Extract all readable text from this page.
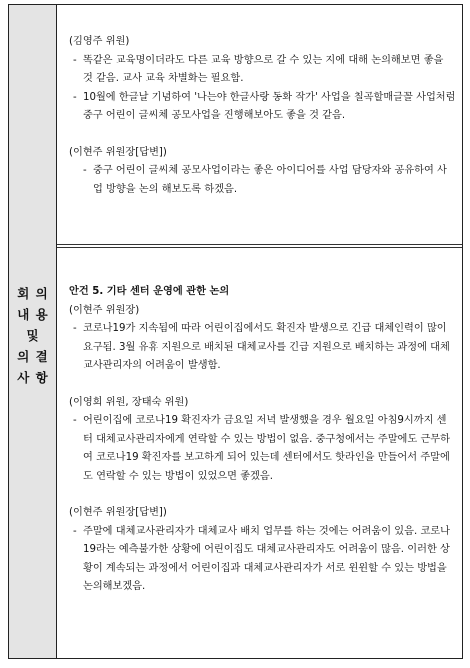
회 의
내 용
및
의 결
사 항

(김영주 위원)

- 똑같은 교육명이더라도 다른 교육 방향으로 갈 수 있는 지에 대해 논의해보면 좋을 것 같음. 교사 교육 차별화는 필요함.

- 10월에 한글날 기념하여 '나는야 한글사랑 동화 작가' 사업을 칠곡할매글꼴 사업처럼 중구 어린이 글씨체 공모사업을 진행해보아도 좋을 것 같음.

(이현주 위원장[답변])

- 중구 어린이 글씨체 공모사업이라는 좋은 아이디어를 사업 담당자와 공유하여 사업 방향을 논의 해보도록 하겠음.

안건 5. 기타 센터 운영에 관한 논의

(이현주 위원장)

- 코로나19가 지속됨에 따라 어린이집에서도 확진자 발생으로 긴급 대체인력이 많이 요구됨. 3월 유휴 지원으로 배치된 대체교사를 긴급 지원으로 배치하는 과정에 대체교사관리자의 어려움이 발생함.

(이영희 위원, 장태숙 위원)

- 어린이집에 코로나19 확진자가 금요일 저녁 발생했을 경우 월요일 아침9시까지 센터 대체교사관리자에게 연락할 수 있는 방법이 없음. 중구청에서는 주말에도 근무하여 코로나19 확진자를 보고하게 되어 있는데 센터에서도 핫라인을 만들어서 주말에도 연락할 수 있는 방법이 있었으면 좋겠음.

(이현주 위원장[답변])

- 주말에 대체교사관리자가 대체교사 배치 업무를 하는 것에는 어려움이 있음. 코로나19라는 예측불가한 상황에 어린이집도 대체교사관리자도 어려움이 많음. 이러한 상황이 계속되는 과정에서 어린이집과 대체교사관리자가 서로 윈윈할 수 있는 방법을 논의해보겠음.
